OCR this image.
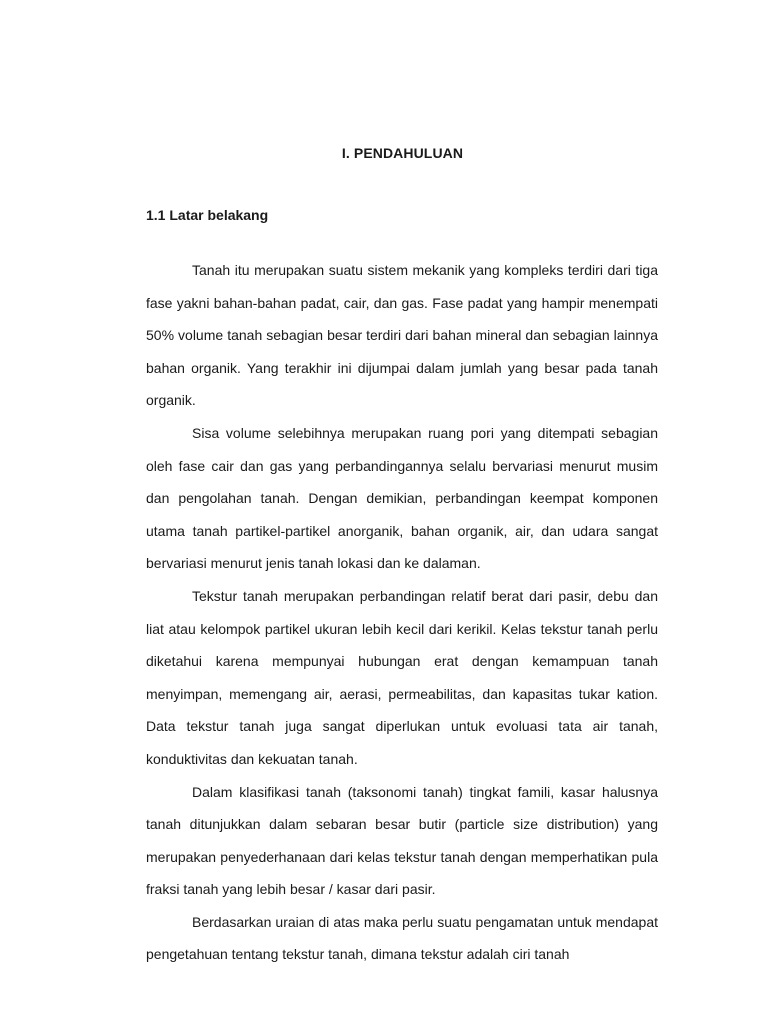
I. PENDAHULUAN
1.1 Latar belakang

Tanah itu merupakan suatu sistem mekanik yang kompleks terdiri dari tiga fase yakni bahan-bahan padat, cair, dan gas. Fase padat yang hampir menempati 50% volume tanah sebagian besar terdiri dari bahan mineral dan sebagian lainnya bahan organik. Yang terakhir ini dijumpai dalam jumlah yang besar pada tanah organik.

Sisa volume selebihnya merupakan ruang pori yang ditempati sebagian oleh fase cair dan gas yang perbandingannya selalu bervariasi menurut musim dan pengolahan tanah. Dengan demikian, perbandingan keempat komponen utama tanah partikel-partikel anorganik, bahan organik, air, dan udara sangat bervariasi menurut jenis tanah lokasi dan ke dalaman.

Tekstur tanah merupakan perbandingan relatif berat dari pasir, debu dan liat atau kelompok partikel ukuran lebih kecil dari kerikil. Kelas tekstur tanah perlu diketahui karena mempunyai hubungan erat dengan kemampuan tanah menyimpan, memengang air, aerasi, permeabilitas, dan kapasitas tukar kation. Data tekstur tanah juga sangat diperlukan untuk evoluasi tata air tanah, konduktivitas dan kekuatan tanah.

Dalam klasifikasi tanah (taksonomi tanah) tingkat famili, kasar halusnya tanah ditunjukkan dalam sebaran besar butir (particle size distribution) yang merupakan penyederhanaan dari kelas tekstur tanah dengan memperhatikan pula fraksi tanah yang lebih besar / kasar dari pasir.

Berdasarkan uraian di atas maka perlu suatu pengamatan untuk mendapat pengetahuan tentang tekstur tanah, dimana tekstur adalah ciri tanah
